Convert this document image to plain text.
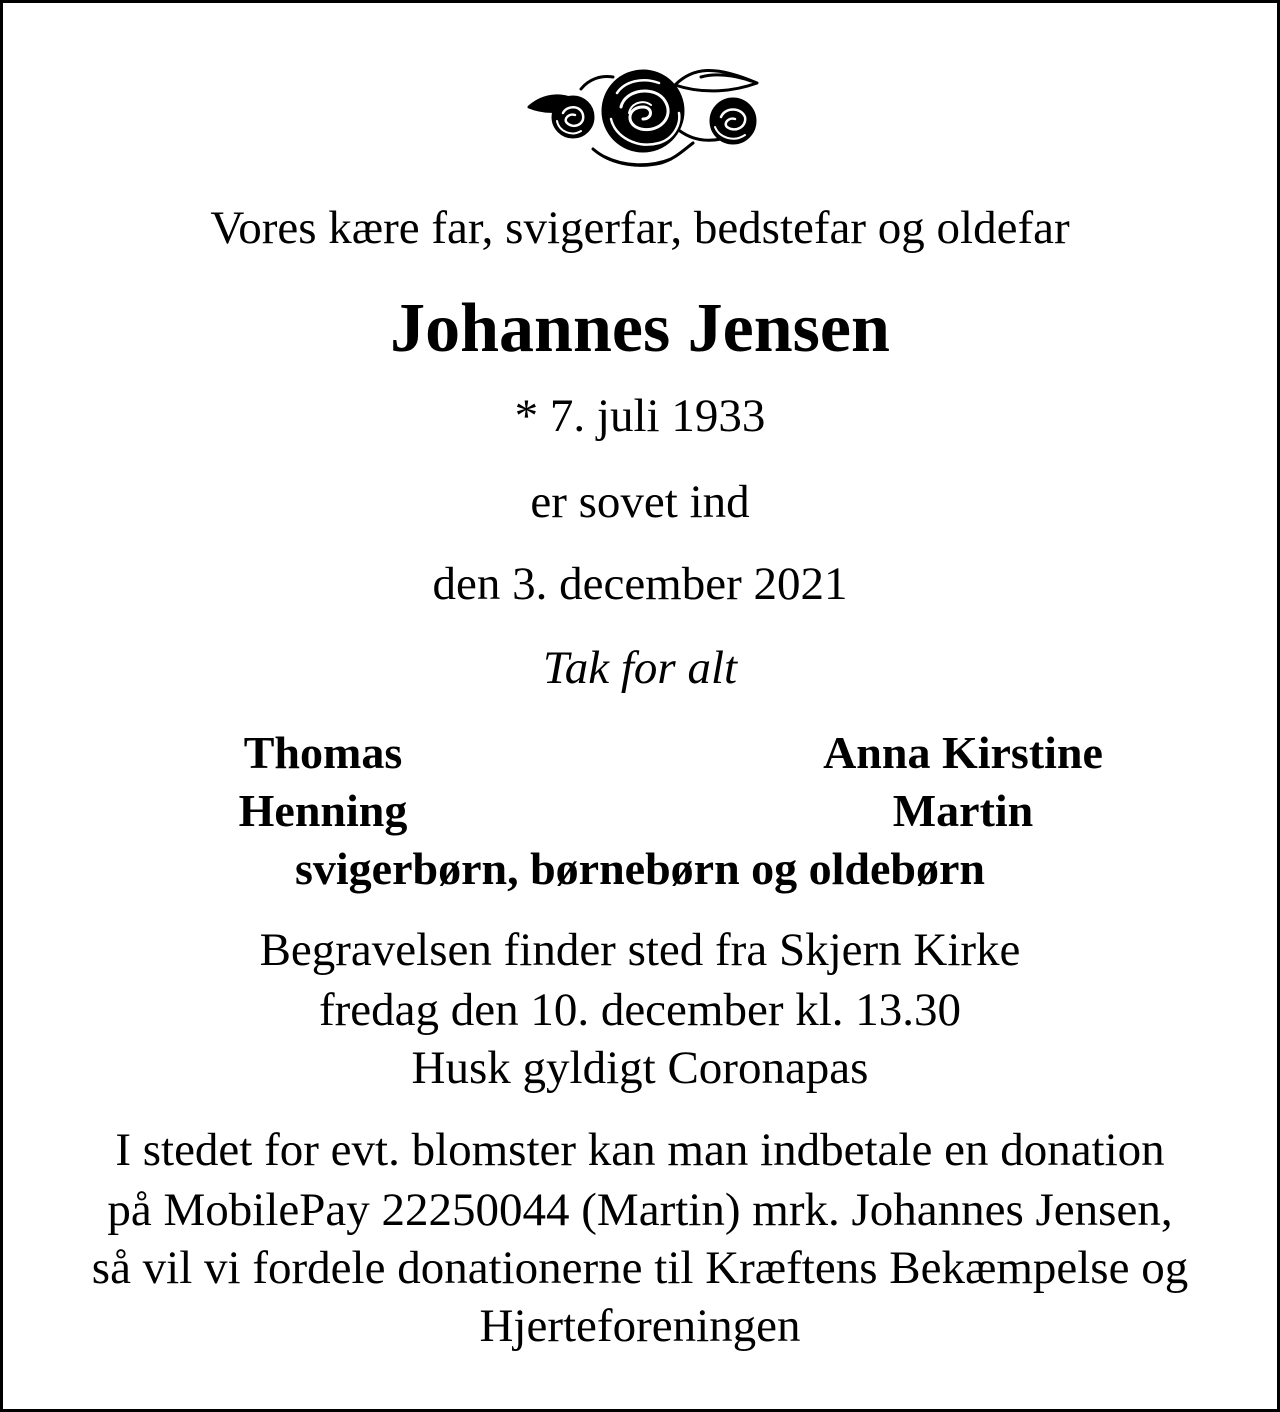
Vores kære far, svigerfar, bedstefar og oldefar

Johannes Jensen

* 7. juli 1933

er sovet ind

den 3. december 2021

Tak for alt

Thomas

Henning

Anna Kirstine

Martin

svigerbørn, børnebørn og oldebørn

Begravelsen finder sted fra Skjern Kirke

fredag den 10. december kl. 13.30

Husk gyldigt Coronapas

I stedet for evt. blomster kan man indbetale en donation

på MobilePay 22250044 (Martin) mrk. Johannes Jensen,

så vil vi fordele donationerne til Kræftens Bekæmpelse og

Hjerteforeningen
